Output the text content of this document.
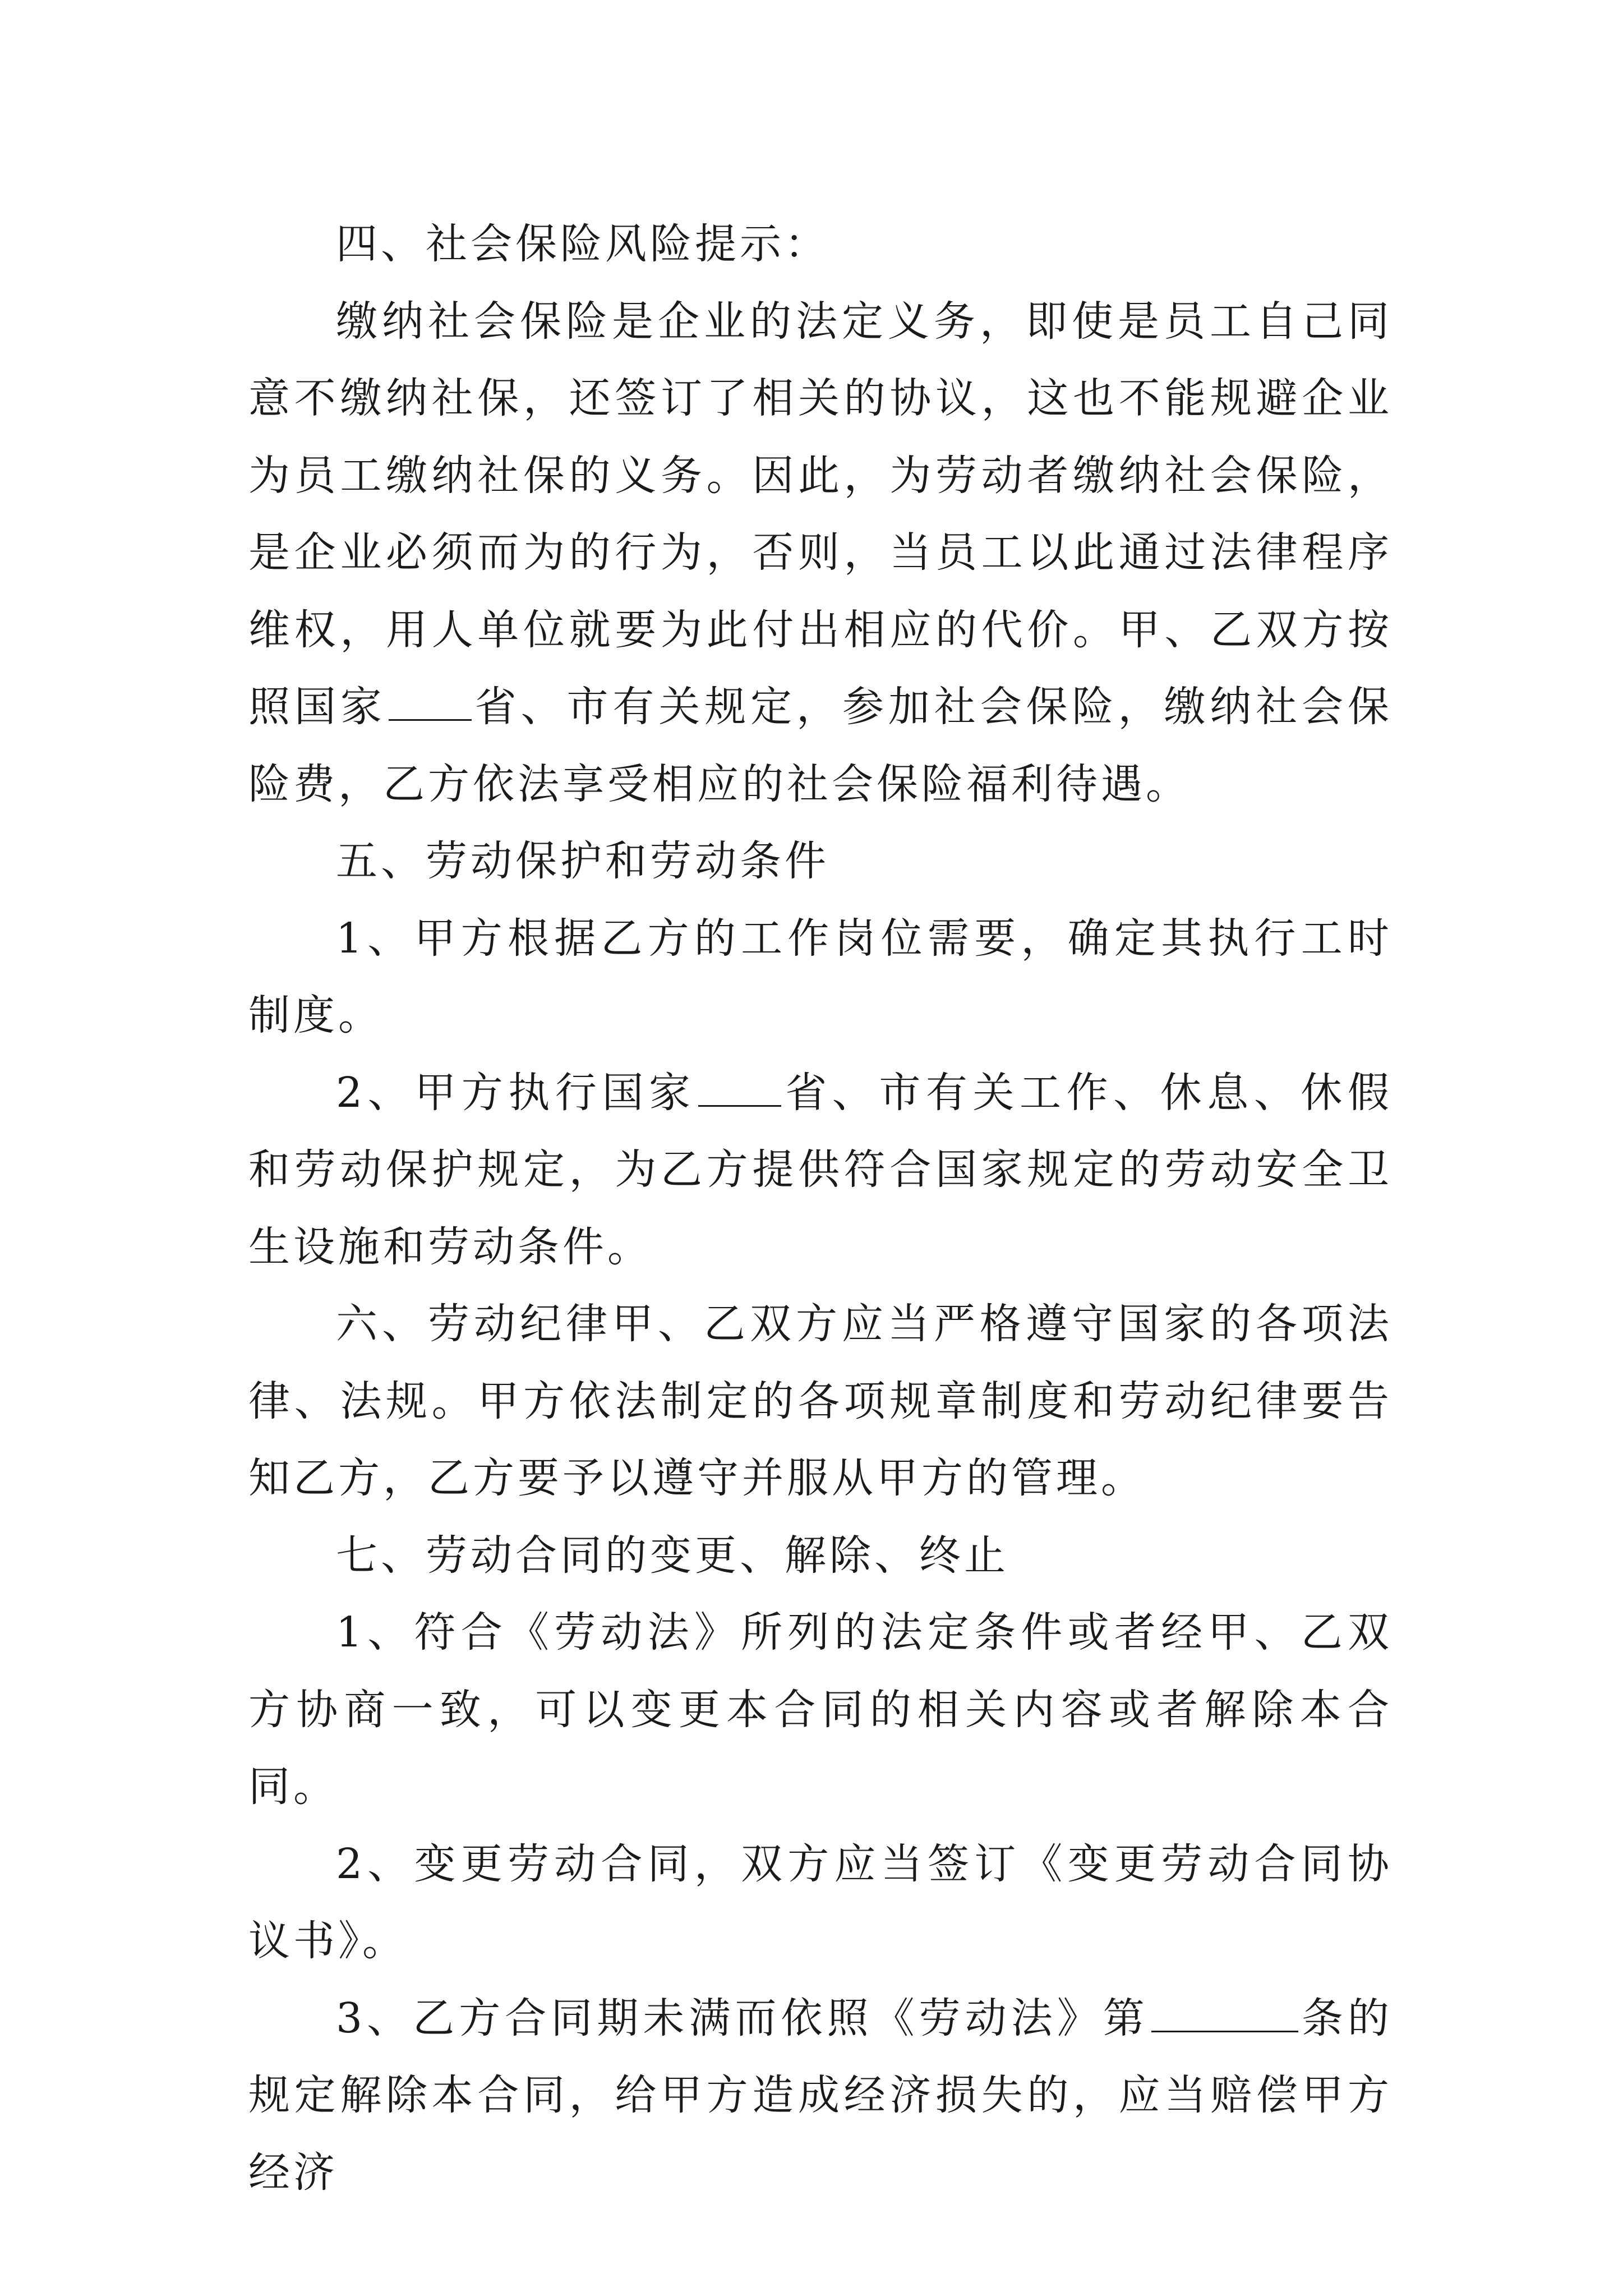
四、社会保险风险提示：

缴纳社会保险是企业的法定义务，即使是员工自己同意不缴纳社保，还签订了相关的协议，这也不能规避企业为员工缴纳社保的义务。因此，为劳动者缴纳社会保险，是企业必须而为的行为，否则，当员工以此通过法律程序维权，用人单位就要为此付出相应的代价。甲、乙双方按照国家 省、市有关规定，参加社会保险，缴纳社会保险费，乙方依法享受相应的社会保险福利待遇。

五、劳动保护和劳动条件

1、甲方根据乙方的工作岗位需要，确定其执行工时制度。

2、甲方执行国家 省、市有关工作、休息、休假和劳动保护规定，为乙方提供符合国家规定的劳动安全卫生设施和劳动条件。

六、劳动纪律甲、乙双方应当严格遵守国家的各项法律、法规。甲方依法制定的各项规章制度和劳动纪律要告知乙方，乙方要予以遵守并服从甲方的管理。

七、劳动合同的变更、解除、终止

1、符合《劳动法》所列的法定条件或者经甲、乙双方协商一致，可以变更本合同的相关内容或者解除本合同。

2、变更劳动合同，双方应当签订《变更劳动合同协议书》。

3、乙方合同期未满而依照《劳动法》第	条的规定解除本合同，给甲方造成经济损失的，应当赔偿甲方经济
